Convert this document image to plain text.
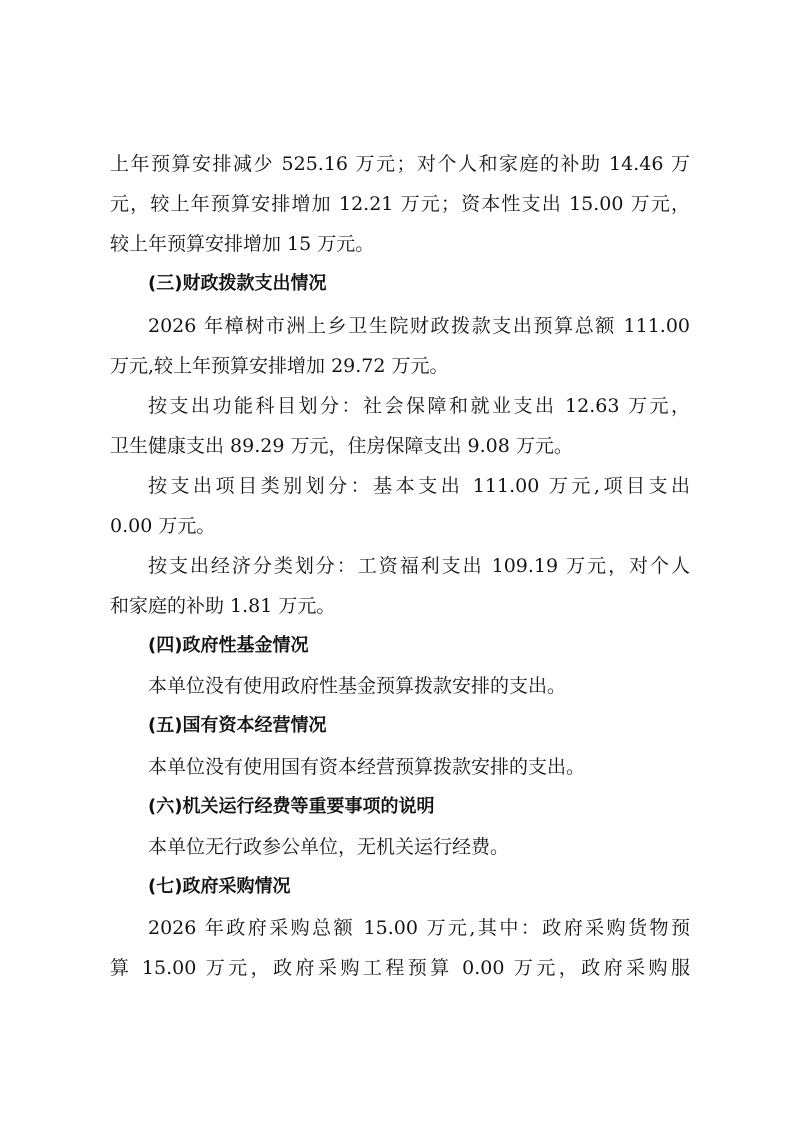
上年预算安排减少 525.16 万元；对个人和家庭的补助 14.46 万

元，较上年预算安排增加 12.21 万元；资本性支出 15.00 万元，

较上年预算安排增加 15 万元。

(三)财政拨款支出情况

2026 年樟树市洲上乡卫生院财政拨款支出预算总额 111.00

万元,较上年预算安排增加 29.72 万元。

按支出功能科目划分：社会保障和就业支出 12.63 万元，

卫生健康支出 89.29 万元，住房保障支出 9.08 万元。

按支出项目类别划分：基本支出 111.00 万元,项目支出

0.00 万元。

按支出经济分类划分：工资福利支出 109.19 万元，对个人

和家庭的补助 1.81 万元。

(四)政府性基金情况

本单位没有使用政府性基金预算拨款安排的支出。

(五)国有资本经营情况

本单位没有使用国有资本经营预算拨款安排的支出。

(六)机关运行经费等重要事项的说明

本单位无行政参公单位，无机关运行经费。

(七)政府采购情况

2026 年政府采购总额 15.00 万元,其中：政府采购货物预

算 15.00 万元，政府采购工程预算 0.00 万元，政府采购服
